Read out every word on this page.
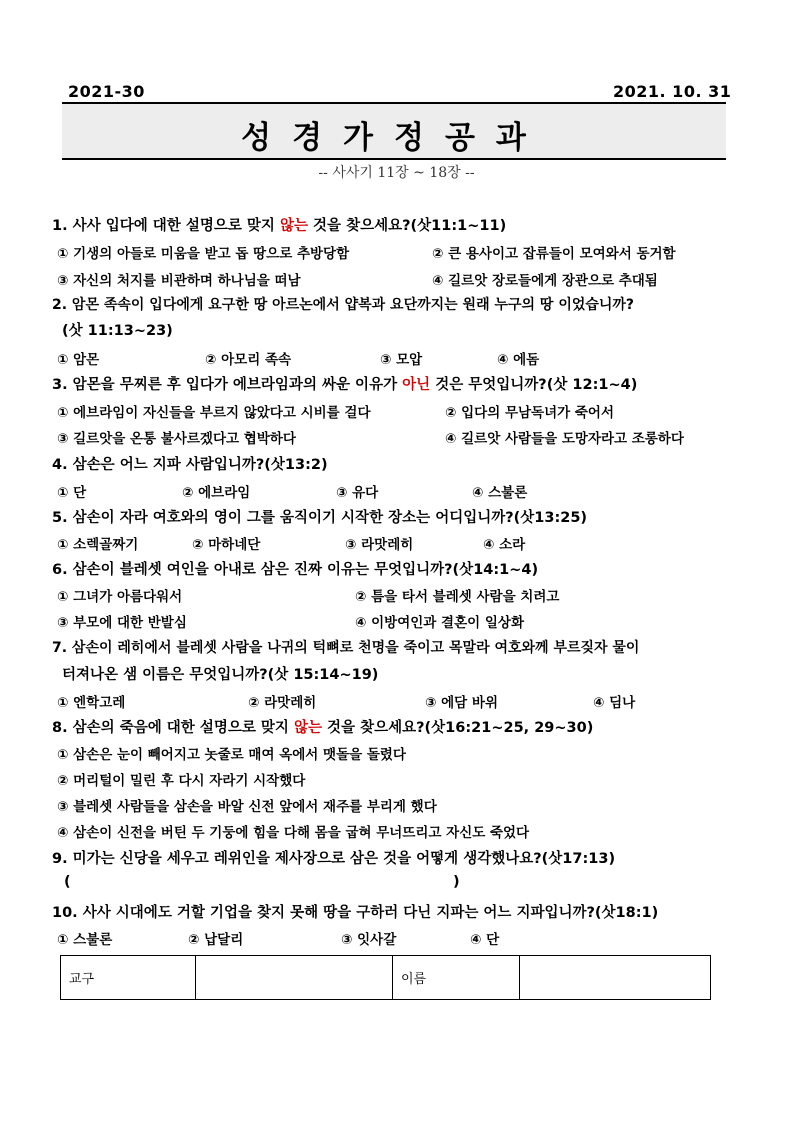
2021-30	2021. 10. 31
성경가정공과
-- 사사기 11장 ~ 18장 --
1. 사사 입다에 대한 설명으로 맞지 않는 것을 찾으세요?(삿11:1~11)
① 기생의 아들로 미움을 받고 돕 땅으로 추방당함	② 큰 용사이고 잡류들이 모여와서 동거함
③ 자신의 처지를 비관하며 하나님을 떠남	④ 길르앗 장로들에게 장관으로 추대됨
2. 암몬 족속이 입다에게 요구한 땅 아르논에서 얍복과 요단까지는 원래 누구의 땅 이었습니까?
(삿 11:13~23)
① 암몬	② 아모리 족속	③ 모압	④ 에돔
3. 암몬을 무찌른 후 입다가 에브라임과의 싸운 이유가 아닌 것은 무엇입니까?(삿 12:1~4)
① 에브라임이 자신들을 부르지 않았다고 시비를 걸다	② 입다의 무남독녀가 죽어서
③ 길르앗을 온통 불사르겠다고 협박하다	④ 길르앗 사람들을 도망자라고 조롱하다
4. 삼손은 어느 지파 사람입니까?(삿13:2)
① 단	② 에브라임	③ 유다	④ 스불론
5. 삼손이 자라 여호와의 영이 그를 움직이기 시작한 장소는 어디입니까?(삿13:25)
① 소렉골짜기	② 마하네단	③ 라맛레히	④ 소라
6. 삼손이 블레셋 여인을 아내로 삼은 진짜 이유는 무엇입니까?(삿14:1~4)
① 그녀가 아름다워서	② 틈을 타서 블레셋 사람을 치려고
③ 부모에 대한 반발심	④ 이방여인과 결혼이 일상화
7. 삼손이 레히에서 블레셋 사람을 나귀의 턱뼈로 천명을 죽이고 목말라 여호와께 부르짖자 물이
터져나온 샘 이름은 무엇입니까?(삿 15:14~19)
① 엔학고레	② 라맛레히	③ 에담 바위	④ 딤나
8. 삼손의 죽음에 대한 설명으로 맞지 않는 것을 찾으세요?(삿16:21~25, 29~30)
① 삼손은 눈이 빼어지고 놋줄로 매여 옥에서 맷돌을 돌렸다
② 머리털이 밀린 후 다시 자라기 시작했다
③ 블레셋 사람들을 삼손을 바알 신전 앞에서 재주를 부리게 했다
④ 삼손이 신전을 버틴 두 기둥에 힘을 다해 몸을 굽혀 무너뜨리고 자신도 죽었다
9. 미가는 신당을 세우고 레위인을 제사장으로 삼은 것을 어떻게 생각했나요?(삿17:13)
(	)
10. 사사 시대에도 거할 기업을 찾지 못해 땅을 구하러 다닌 지파는 어느 지파입니까?(삿18:1)
① 스불론	② 납달리	③ 잇사갈	④ 단
교구		이름	
